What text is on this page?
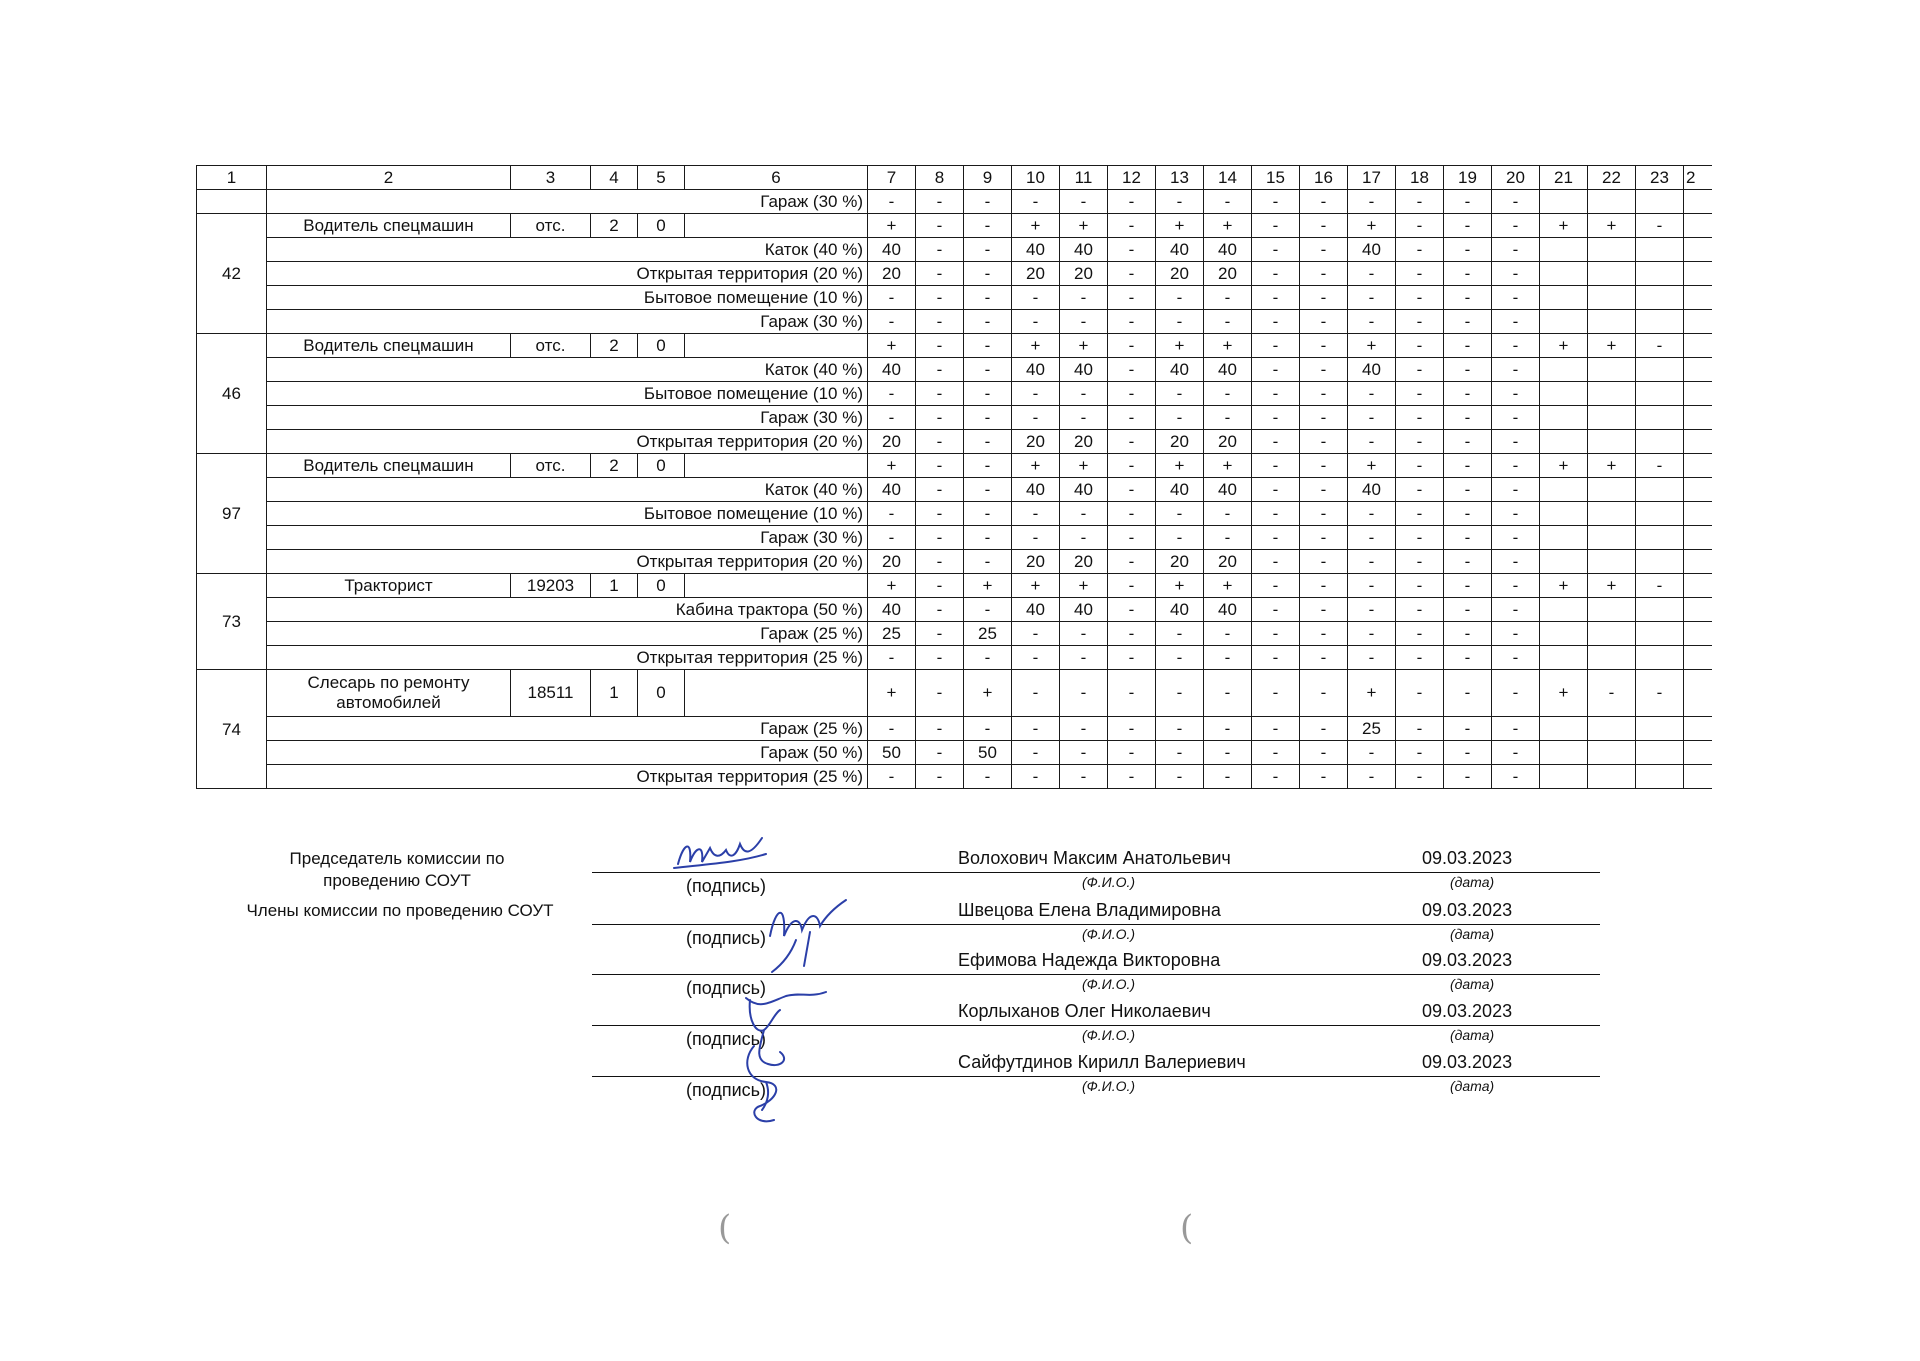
1	2	3	4	5	6	7	8	9	10	11	12	13	14	15	16	17	18	19	20	21	22	23	2
	Гараж (30 %)					-	-	-	-	-	-	-	-	-	-	-	-	-	-				
42	Водитель спецмашин	отс.	2	0		+	-	-	+	+	-	+	+	-	-	+	-	-	-	+	+	-	
	Каток (40 %)					40	-	-	40	40	-	40	40	-	-	40	-	-	-				
	Открытая территория (20 %)					20	-	-	20	20	-	20	20	-	-	-	-	-	-				
	Бытовое помещение (10 %)					-	-	-	-	-	-	-	-	-	-	-	-	-	-				
	Гараж (30 %)					-	-	-	-	-	-	-	-	-	-	-	-	-	-				
46	Водитель спецмашин	отс.	2	0		+	-	-	+	+	-	+	+	-	-	+	-	-	-	+	+	-	
	Каток (40 %)					40	-	-	40	40	-	40	40	-	-	40	-	-	-				
	Бытовое помещение (10 %)					-	-	-	-	-	-	-	-	-	-	-	-	-	-				
	Гараж (30 %)					-	-	-	-	-	-	-	-	-	-	-	-	-	-				
	Открытая территория (20 %)					20	-	-	20	20	-	20	20	-	-	-	-	-	-				
97	Водитель спецмашин	отс.	2	0		+	-	-	+	+	-	+	+	-	-	+	-	-	-	+	+	-	
	Каток (40 %)					40	-	-	40	40	-	40	40	-	-	40	-	-	-				
	Бытовое помещение (10 %)					-	-	-	-	-	-	-	-	-	-	-	-	-	-				
	Гараж (30 %)					-	-	-	-	-	-	-	-	-	-	-	-	-	-				
	Открытая территория (20 %)					20	-	-	20	20	-	20	20	-	-	-	-	-	-				
73	Тракторист	19203	1	0		+	-	+	+	+	-	+	+	-	-	-	-	-	-	+	+	-	
	Кабина трактора (50 %)					40	-	-	40	40	-	40	40	-	-	-	-	-	-				
	Гараж (25 %)					25	-	25	-	-	-	-	-	-	-	-	-	-	-				
	Открытая территория (25 %)					-	-	-	-	-	-	-	-	-	-	-	-	-	-				
74	Слесарь по ремонту автомобилей	18511	1	0		+	-	+	-	-	-	-	-	-	-	+	-	-	-	+	-	-	
	Гараж (25 %)					-	-	-	-	-	-	-	-	-	-	25	-	-	-				
	Гараж (50 %)					50	-	50	-	-	-	-	-	-	-	-	-	-	-				
	Открытая территория (25 %)					-	-	-	-	-	-	-	-	-	-	-	-	-	-				
Председатель комиссии по проведению СОУТ
Члены комиссии по проведению СОУТ
Волохович Максим Анатольевич	09.03.2023
(Ф.И.О.)	(дата)
(подпись)
Швецова Елена Владимировна	09.03.2023
(Ф.И.О.)	(дата)
(подпись)
Ефимова Надежда Викторовна	09.03.2023
(Ф.И.О.)	(дата)
(подпись)
Корлыханов Олег Николаевич	09.03.2023
(Ф.И.О.)	(дата)
(подпись)
Сайфутдинов Кирилл Валериевич	09.03.2023
(Ф.И.О.)	(дата)
(подпись)
(	(
